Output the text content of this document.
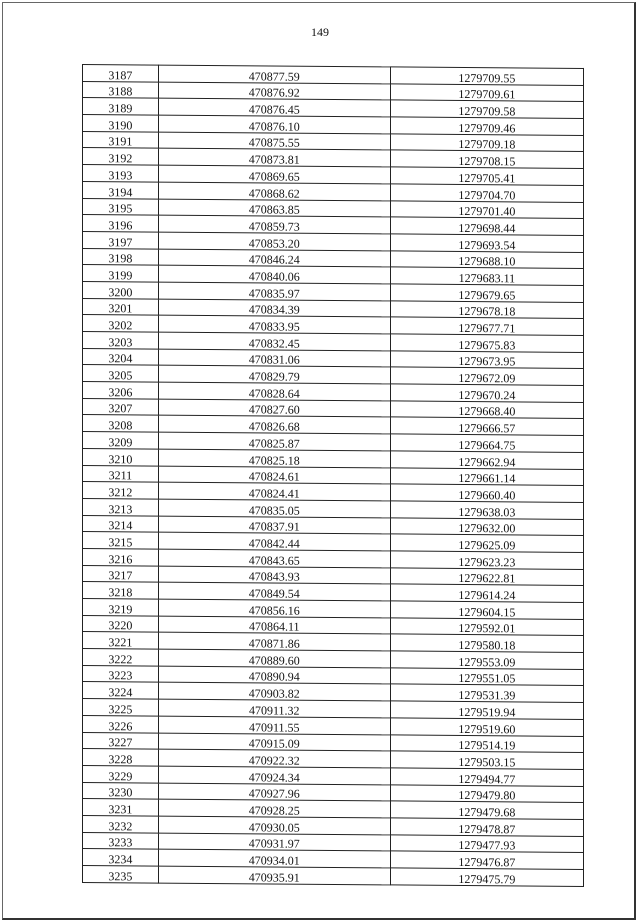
149
3187	470877.59	1279709.55
3188	470876.92	1279709.61
3189	470876.45	1279709.58
3190	470876.10	1279709.46
3191	470875.55	1279709.18
3192	470873.81	1279708.15
3193	470869.65	1279705.41
3194	470868.62	1279704.70
3195	470863.85	1279701.40
3196	470859.73	1279698.44
3197	470853.20	1279693.54
3198	470846.24	1279688.10
3199	470840.06	1279683.11
3200	470835.97	1279679.65
3201	470834.39	1279678.18
3202	470833.95	1279677.71
3203	470832.45	1279675.83
3204	470831.06	1279673.95
3205	470829.79	1279672.09
3206	470828.64	1279670.24
3207	470827.60	1279668.40
3208	470826.68	1279666.57
3209	470825.87	1279664.75
3210	470825.18	1279662.94
3211	470824.61	1279661.14
3212	470824.41	1279660.40
3213	470835.05	1279638.03
3214	470837.91	1279632.00
3215	470842.44	1279625.09
3216	470843.65	1279623.23
3217	470843.93	1279622.81
3218	470849.54	1279614.24
3219	470856.16	1279604.15
3220	470864.11	1279592.01
3221	470871.86	1279580.18
3222	470889.60	1279553.09
3223	470890.94	1279551.05
3224	470903.82	1279531.39
3225	470911.32	1279519.94
3226	470911.55	1279519.60
3227	470915.09	1279514.19
3228	470922.32	1279503.15
3229	470924.34	1279494.77
3230	470927.96	1279479.80
3231	470928.25	1279479.68
3232	470930.05	1279478.87
3233	470931.97	1279477.93
3234	470934.01	1279476.87
3235	470935.91	1279475.79
